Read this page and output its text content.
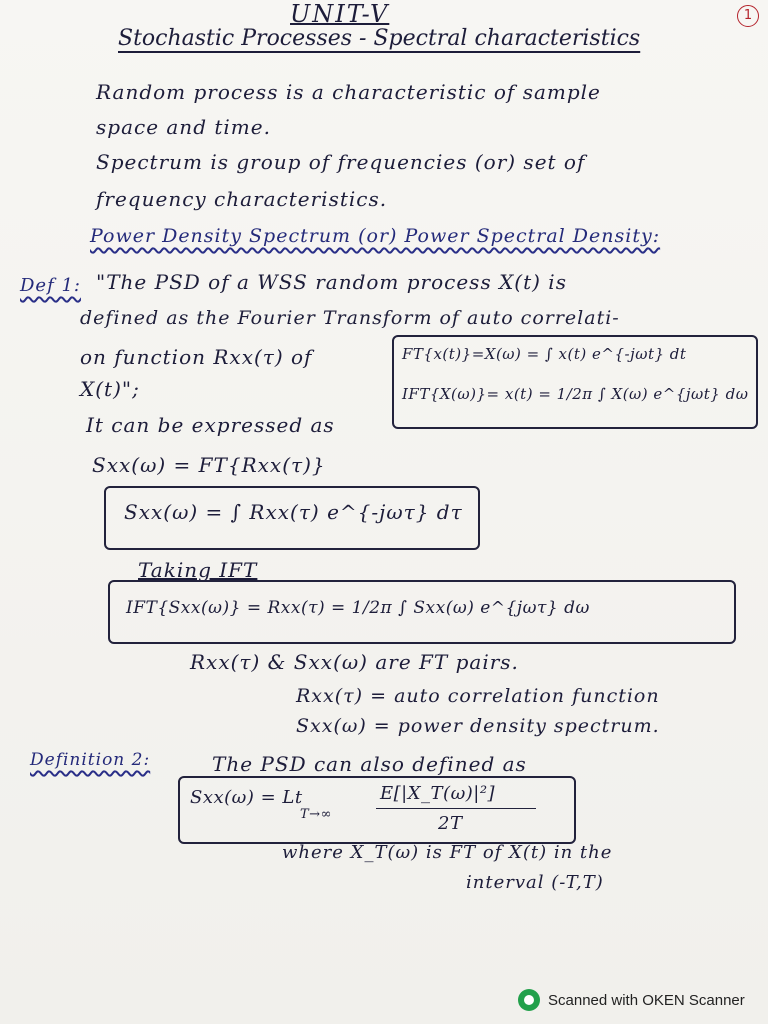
1
UNIT-V
Stochastic Processes - Spectral characteristics
Random process is a characteristic of sample
space and time.
Spectrum is group of frequencies (or) set of
frequency characteristics.
Power Density Spectrum (or) Power Spectral Density:
Def 1: "The PSD of a WSS random process X(t) is
defined as the Fourier Transform of auto correlati-
on function Rxx(τ) of
X(t)";
FT{x(t)}=X(ω) = ∫ x(t) e^{-jωt} dt
IFT{X(ω)}= x(t) = 1/2π ∫ X(ω) e^{jωt} dω
It can be expressed as
Sxx(ω) = FT{Rxx(τ)}
Sxx(ω) = ∫ Rxx(τ) e^{-jωτ} dτ
Taking IFT
IFT{Sxx(ω)} = Rxx(τ) = 1/2π ∫ Sxx(ω) e^{jωτ} dω
Rxx(τ) & Sxx(ω) are FT pairs.
Rxx(τ) = auto correlation function
Sxx(ω) = power density spectrum.
Definition 2:	The PSD can also defined as
Sxx(ω) = Lt
T→∞
E[|X_T(ω)|²]
2T
where X_T(ω) is FT of X(t) in the
interval (-T,T)
Scanned with OKEN Scanner
